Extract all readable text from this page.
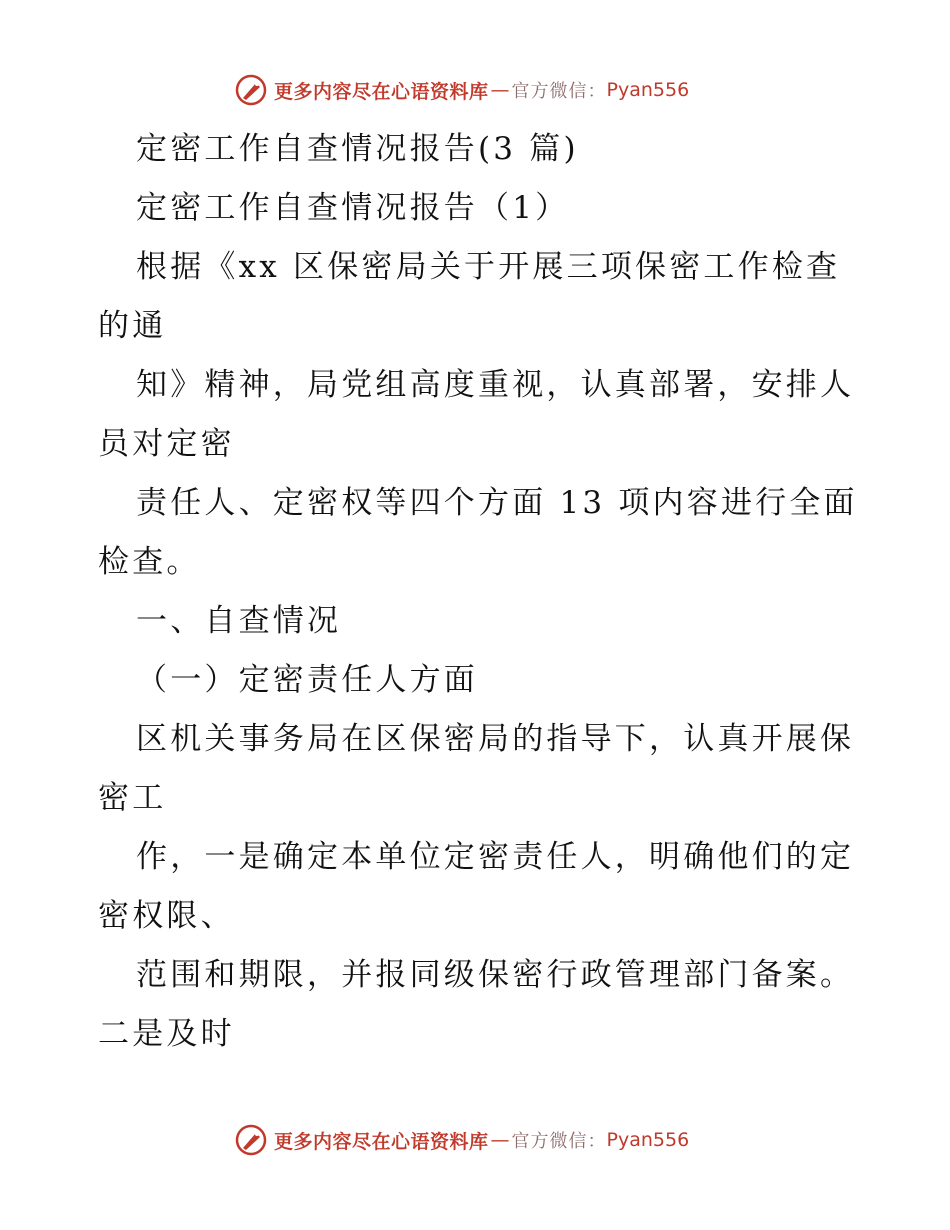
更多内容尽在心语资料库 — 官方微信： Pyan556
定密工作自查情况报告(3 篇)
定密工作自查情况报告（1）
根据《xx 区保密局关于开展三项保密工作检查
的通
知》精神，局党组高度重视，认真部署，安排人
员对定密
责任人、定密权等四个方面 13 项内容进行全面
检查。
一、自查情况
（一）定密责任人方面
区机关事务局在区保密局的指导下，认真开展保
密工
作，一是确定本单位定密责任人，明确他们的定
密权限、
范围和期限，并报同级保密行政管理部门备案。
二是及时
更多内容尽在心语资料库 — 官方微信： Pyan556
